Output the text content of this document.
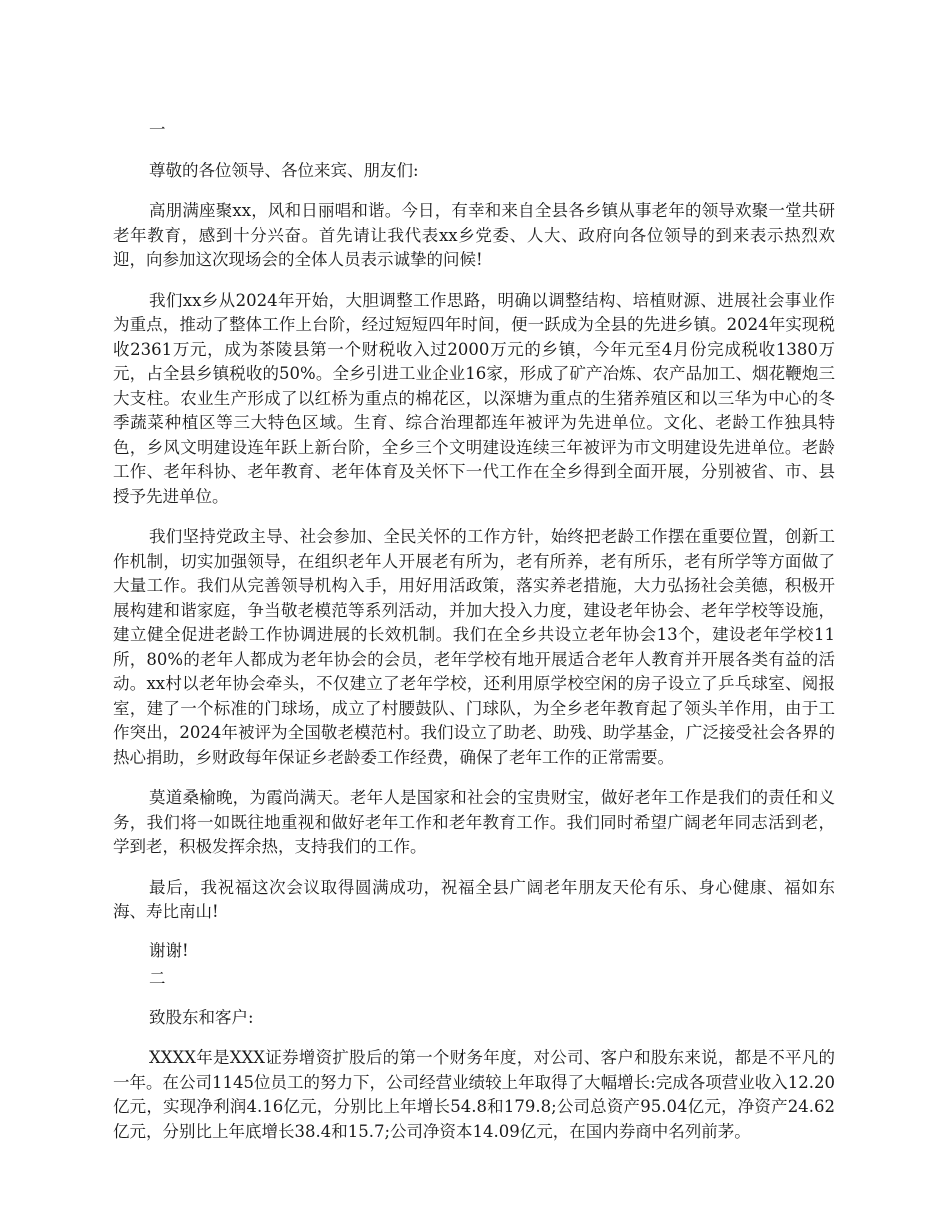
一

尊敬的各位领导、各位来宾、朋友们:

高朋满座聚xx，风和日丽唱和谐。今日，有幸和来自全县各乡镇从事老年的领导欢聚一堂共研老年教育，感到十分兴奋。首先请让我代表xx乡党委、人大、政府向各位领导的到来表示热烈欢迎，向参加这次现场会的全体人员表示诚挚的问候!

我们xx乡从2024年开始，大胆调整工作思路，明确以调整结构、培植财源、进展社会事业作为重点，推动了整体工作上台阶，经过短短四年时间，便一跃成为全县的先进乡镇。2024年实现税收2361万元，成为茶陵县第一个财税收入过2000万元的乡镇，今年元至4月份完成税收1380万元，占全县乡镇税收的50%。全乡引进工业企业16家，形成了矿产冶炼、农产品加工、烟花鞭炮三大支柱。农业生产形成了以红桥为重点的棉花区，以深塘为重点的生猪养殖区和以三华为中心的冬季蔬菜种植区等三大特色区域。生育、综合治理都连年被评为先进单位。文化、老龄工作独具特色，乡风文明建设连年跃上新台阶，全乡三个文明建设连续三年被评为市文明建设先进单位。老龄工作、老年科协、老年教育、老年体育及关怀下一代工作在全乡得到全面开展，分别被省、市、县授予先进单位。

我们坚持党政主导、社会参加、全民关怀的工作方针，始终把老龄工作摆在重要位置，创新工作机制，切实加强领导，在组织老年人开展老有所为，老有所养，老有所乐，老有所学等方面做了大量工作。我们从完善领导机构入手，用好用活政策，落实养老措施，大力弘扬社会美德，积极开展构建和谐家庭，争当敬老模范等系列活动，并加大投入力度，建设老年协会、老年学校等设施，建立健全促进老龄工作协调进展的长效机制。我们在全乡共设立老年协会13个，建设老年学校11所，80%的老年人都成为老年协会的会员，老年学校有地开展适合老年人教育并开展各类有益的活动。xx村以老年协会牵头，不仅建立了老年学校，还利用原学校空闲的房子设立了乒乓球室、阅报室，建了一个标准的门球场，成立了村腰鼓队、门球队，为全乡老年教育起了领头羊作用，由于工作突出，2024年被评为全国敬老模范村。我们设立了助老、助残、助学基金，广泛接受社会各界的热心捐助，乡财政每年保证乡老龄委工作经费，确保了老年工作的正常需要。

莫道桑榆晚，为霞尚满天。老年人是国家和社会的宝贵财宝，做好老年工作是我们的责任和义务，我们将一如既往地重视和做好老年工作和老年教育工作。我们同时希望广阔老年同志活到老，学到老，积极发挥余热，支持我们的工作。

最后，我祝福这次会议取得圆满成功，祝福全县广阔老年朋友天伦有乐、身心健康、福如东海、寿比南山!

谢谢!

二

致股东和客户:

XXXX年是XXX证券增资扩股后的第一个财务年度，对公司、客户和股东来说，都是不平凡的一年。在公司1145位员工的努力下，公司经营业绩较上年取得了大幅增长:完成各项营业收入12.20亿元，实现净利润4.16亿元，分别比上年增长54.8和179.8;公司总资产95.04亿元，净资产24.62亿元，分别比上年底增长38.4和15.7;公司净资本14.09亿元，在国内券商中名列前茅。
